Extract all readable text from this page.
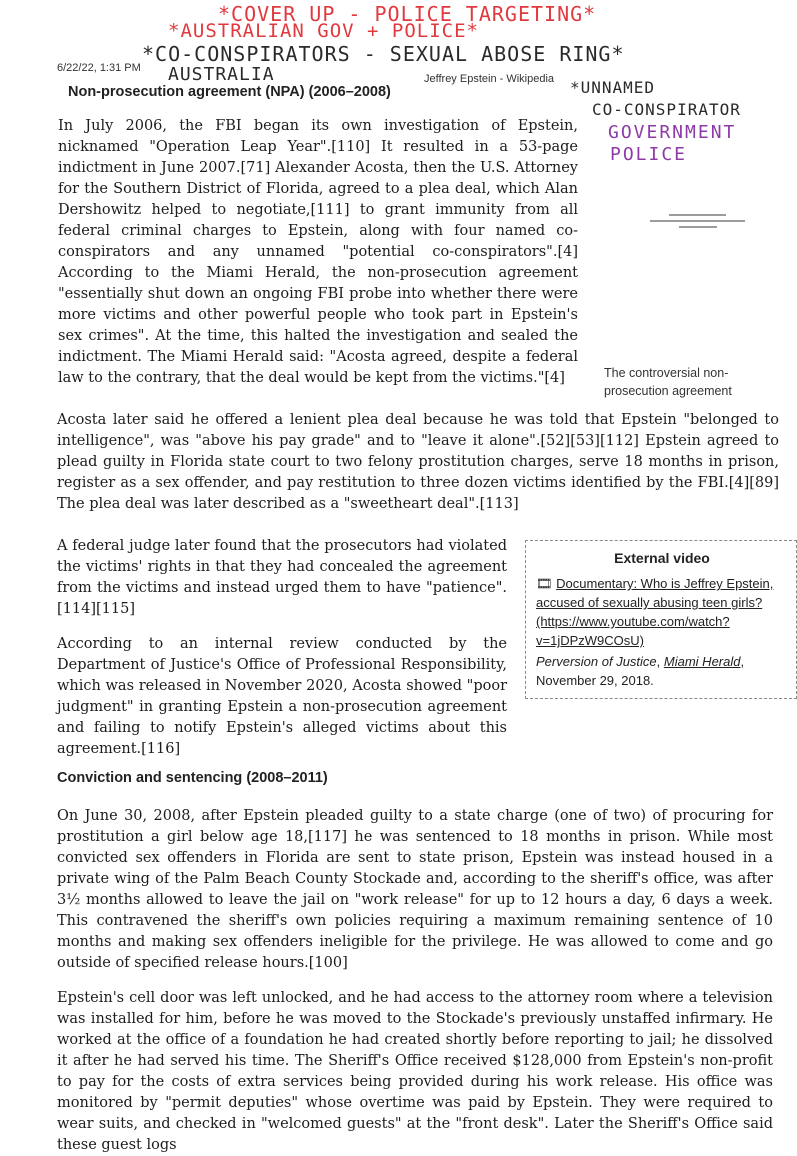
*COVER UP - POLICE TARGETING*
*AUSTRALIAN GOV + POLICE*
*CO-CONSPIRATORS - SEXUAL ABOSE RING*
AUSTRALIA
*UNNAMED
CO-CONSPIRATOR
GOVERNMENT
POLICE
6/22/22, 1:31 PM
Jeffrey Epstein - Wikipedia
Non-prosecution agreement (NPA) (2006–2008)
In July 2006, the FBI began its own investigation of Epstein, nicknamed "Operation Leap Year".[110] It resulted in a 53-page indictment in June 2007.[71] Alexander Acosta, then the U.S. Attorney for the Southern District of Florida, agreed to a plea deal, which Alan Dershowitz helped to negotiate,[111] to grant immunity from all federal criminal charges to Epstein, along with four named co-conspirators and any unnamed "potential co-conspirators".[4] According to the Miami Herald, the non-prosecution agreement "essentially shut down an ongoing FBI probe into whether there were more victims and other powerful people who took part in Epstein's sex crimes". At the time, this halted the investigation and sealed the indictment. The Miami Herald said: "Acosta agreed, despite a federal law to the contrary, that the deal would be kept from the victims."[4]	The controversial non-prosecution agreement
Acosta later said he offered a lenient plea deal because he was told that Epstein "belonged to intelligence", was "above his pay grade" and to "leave it alone".[52][53][112] Epstein agreed to plead guilty in Florida state court to two felony prostitution charges, serve 18 months in prison, register as a sex offender, and pay restitution to three dozen victims identified by the FBI.[4][89] The plea deal was later described as a "sweetheart deal".[113]
A federal judge later found that the prosecutors had violated the victims' rights in that they had concealed the agreement from the victims and instead urged them to have "patience".[114][115]
According to an internal review conducted by the Department of Justice's Office of Professional Responsibility, which was released in November 2020, Acosta showed "poor judgment" in granting Epstein a non-prosecution agreement and failing to notify Epstein's alleged victims about this agreement.[116]
External video
🎞 Documentary: Who is Jeffrey Epstein, accused of sexually abusing teen girls? (https://www.youtube.com/watch?v=1jDPzW9COsU)
Perversion of Justice, Miami Herald, November 29, 2018.
Conviction and sentencing (2008–2011)
On June 30, 2008, after Epstein pleaded guilty to a state charge (one of two) of procuring for prostitution a girl below age 18,[117] he was sentenced to 18 months in prison. While most convicted sex offenders in Florida are sent to state prison, Epstein was instead housed in a private wing of the Palm Beach County Stockade and, according to the sheriff's office, was after 3½ months allowed to leave the jail on "work release" for up to 12 hours a day, 6 days a week. This contravened the sheriff's own policies requiring a maximum remaining sentence of 10 months and making sex offenders ineligible for the privilege. He was allowed to come and go outside of specified release hours.[100]
Epstein's cell door was left unlocked, and he had access to the attorney room where a television was installed for him, before he was moved to the Stockade's previously unstaffed infirmary. He worked at the office of a foundation he had created shortly before reporting to jail; he dissolved it after he had served his time. The Sheriff's Office received $128,000 from Epstein's non-profit to pay for the costs of extra services being provided during his work release. His office was monitored by "permit deputies" whose overtime was paid by Epstein. They were required to wear suits, and checked in "welcomed guests" at the "front desk". Later the Sheriff's Office said these guest logs
